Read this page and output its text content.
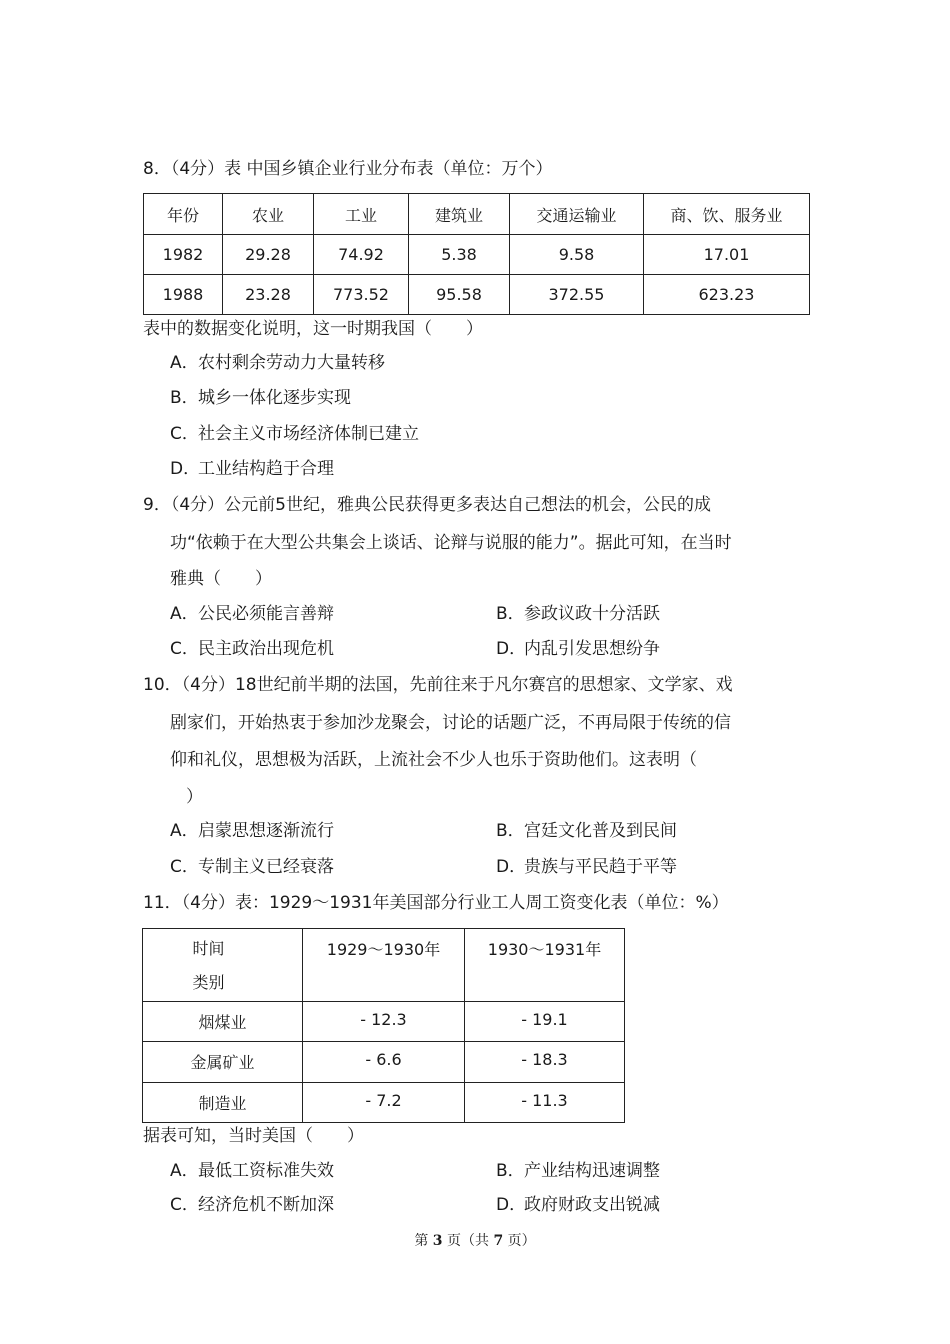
8．（4分）表 中国乡镇企业行业分布表（单位：万个）
年份	农业	工业	建筑业	交通运输业	商、饮、服务业
1982	29.28	74.92	5.38	9.58	17.01
1988	23.28	773.52	95.58	372.55	623.23
表中的数据变化说明，这一时期我国（　　）
A．农村剩余劳动力大量转移
B．城乡一体化逐步实现
C．社会主义市场经济体制已建立
D．工业结构趋于合理
9．（4分）公元前5世纪，雅典公民获得更多表达自己想法的机会，公民的成
功“依赖于在大型公共集会上谈话、论辩与说服的能力”。据此可知，在当时
雅典（　　）
A．公民必须能言善辩	B．参政议政十分活跃
C．民主政治出现危机	D．内乱引发思想纷争
10．（4分）18世纪前半期的法国，先前往来于凡尔赛宫的思想家、文学家、戏
剧家们，开始热衷于参加沙龙聚会，讨论的话题广泛，不再局限于传统的信
仰和礼仪，思想极为活跃，上流社会不少人也乐于资助他们。这表明（
）
A．启蒙思想逐渐流行	B．宫廷文化普及到民间
C．专制主义已经衰落	D．贵族与平民趋于平等
11．（4分）表：1929～1931年美国部分行业工人周工资变化表（单位：%）
时间
类别	1929～1930年	1930～1931年
烟煤业	- 12.3	- 19.1
金属矿业	- 6.6	- 18.3
制造业	- 7.2	- 11.3
据表可知，当时美国（　　）
A．最低工资标准失效	B．产业结构迅速调整
C．经济危机不断加深	D．政府财政支出锐减
第 3 页（共 7 页）
